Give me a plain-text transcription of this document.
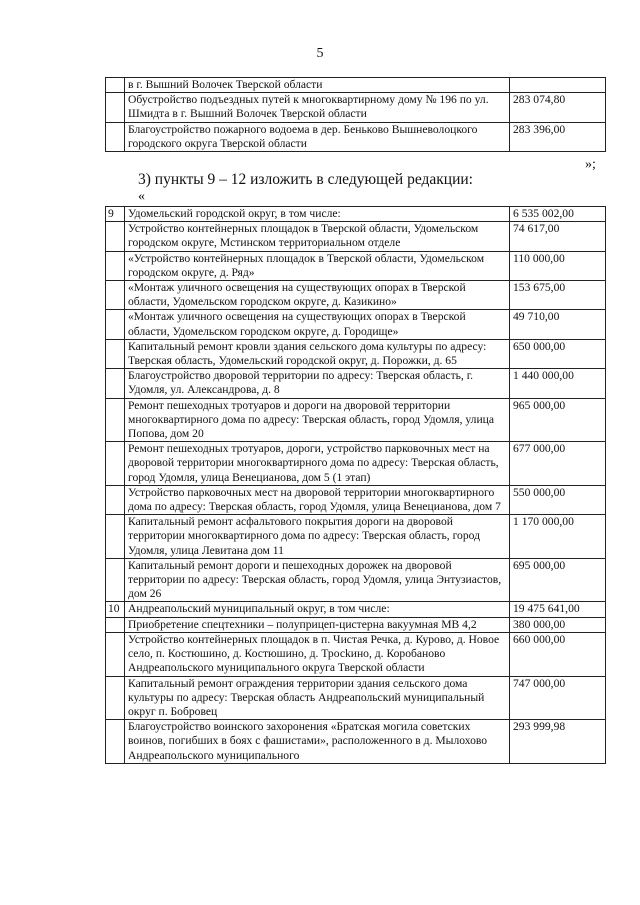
5
	в г. Вышний Волочек Тверской области	
	Обустройство подъездных путей к многоквартирному дому № 196 по ул. Шмидта в г. Вышний Волочек Тверской области	283 074,80
	Благоустройство пожарного водоема в дер. Беньково Вышневолоцкого городского округа Тверской области	283 396,00
»;
3) пункты 9 – 12 изложить в следующей редакции:
«
9	Удомельский городской округ, в том числе:	6 535 002,00
	Устройство контейнерных площадок в Тверской области, Удомельском городском округе, Мстинском территориальном отделе	74 617,00
	«Устройство контейнерных площадок в Тверской области, Удомельском городском округе, д. Ряд»	110 000,00
	«Монтаж уличного освещения на существующих опорах в Тверской области, Удомельском городском округе, д. Казикино»	153 675,00
	«Монтаж уличного освещения на существующих опорах в Тверской области, Удомельском городском округе, д. Городище»	49 710,00
	Капитальный ремонт кровли здания сельского дома культуры по адресу: Тверская область, Удомельский городской округ, д. Порожки, д. 65	650 000,00
	Благоустройство дворовой территории по адресу: Тверская область, г. Удомля, ул. Александрова, д. 8	1 440 000,00
	Ремонт пешеходных тротуаров и дороги на дворовой территории многоквартирного дома по адресу: Тверская область, город Удомля, улица Попова, дом 20	965 000,00
	Ремонт пешеходных тротуаров, дороги, устройство парковочных мест на дворовой территории многоквартирного дома по адресу: Тверская область, город Удомля, улица Венецианова, дом 5 (1 этап)	677 000,00
	Устройство парковочных мест на дворовой территории многоквартирного дома по адресу: Тверская область, город Удомля, улица Венецианова, дом 7	550 000,00
	Капитальный ремонт асфальтового покрытия дороги на дворовой территории многоквартирного дома по адресу: Тверская область, город Удомля, улица Левитана дом 11	1 170 000,00
	Капитальный ремонт дороги и пешеходных дорожек на дворовой территории по адресу: Тверская область, город Удомля, улица Энтузиастов, дом 26	695 000,00
10	Андреапольский муниципальный округ, в том числе:	19 475 641,00
	Приобретение спецтехники – полуприцеп-цистерна вакуумная МВ 4,2	380 000,00
	Устройство контейнерных площадок в п. Чистая Речка, д. Курово, д. Новое село, п. Костюшино, д. Костюшино, д. Тросkино, д. Коробаново Андреапольского муниципального округа Тверской области	660 000,00
	Капитальный ремонт ограждения территории здания сельского дома культуры по адресу: Тверская область Андреапольский муниципальный округ п. Бобровец	747 000,00
	Благоустройство воинского захоронения «Братская могила советских воинов, погибших в боях с фашистами», расположенного в д. Мылохово Андреапольского муниципального	293 999,98
